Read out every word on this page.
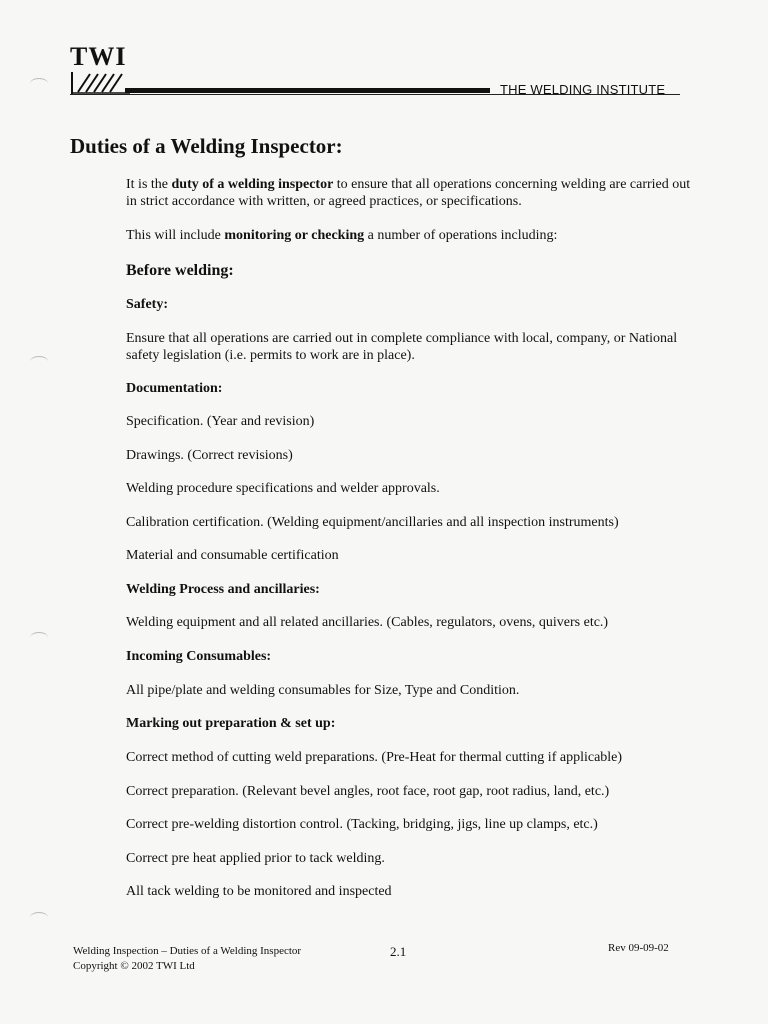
TWI
THE WELDING INSTITUTE
Duties of a Welding Inspector:

It is the duty of a welding inspector to ensure that all operations concerning welding are carried out in strict accordance with written, or agreed practices, or specifications.

This will include monitoring or checking a number of operations including:

Before welding:
Safety:

Ensure that all operations are carried out in complete compliance with local, company, or National safety legislation (i.e. permits to work are in place).

Documentation:

Specification. (Year and revision)

Drawings. (Correct revisions)

Welding procedure specifications and welder approvals.

Calibration certification. (Welding equipment/ancillaries and all inspection instruments)

Material and consumable certification

Welding Process and ancillaries:

Welding equipment and all related ancillaries. (Cables, regulators, ovens, quivers etc.)

Incoming Consumables:

All pipe/plate and welding consumables for Size, Type and Condition.

Marking out preparation & set up:

Correct method of cutting weld preparations. (Pre-Heat for thermal cutting if applicable)

Correct preparation. (Relevant bevel angles, root face, root gap, root radius, land, etc.)

Correct pre-welding distortion control. (Tacking, bridging, jigs, line up clamps, etc.)

Correct pre heat applied prior to tack welding.

All tack welding to be monitored and inspected

Welding Inspection – Duties of a Welding Inspector
Copyright © 2002 TWI Ltd
2.1	Rev 09-09-02
